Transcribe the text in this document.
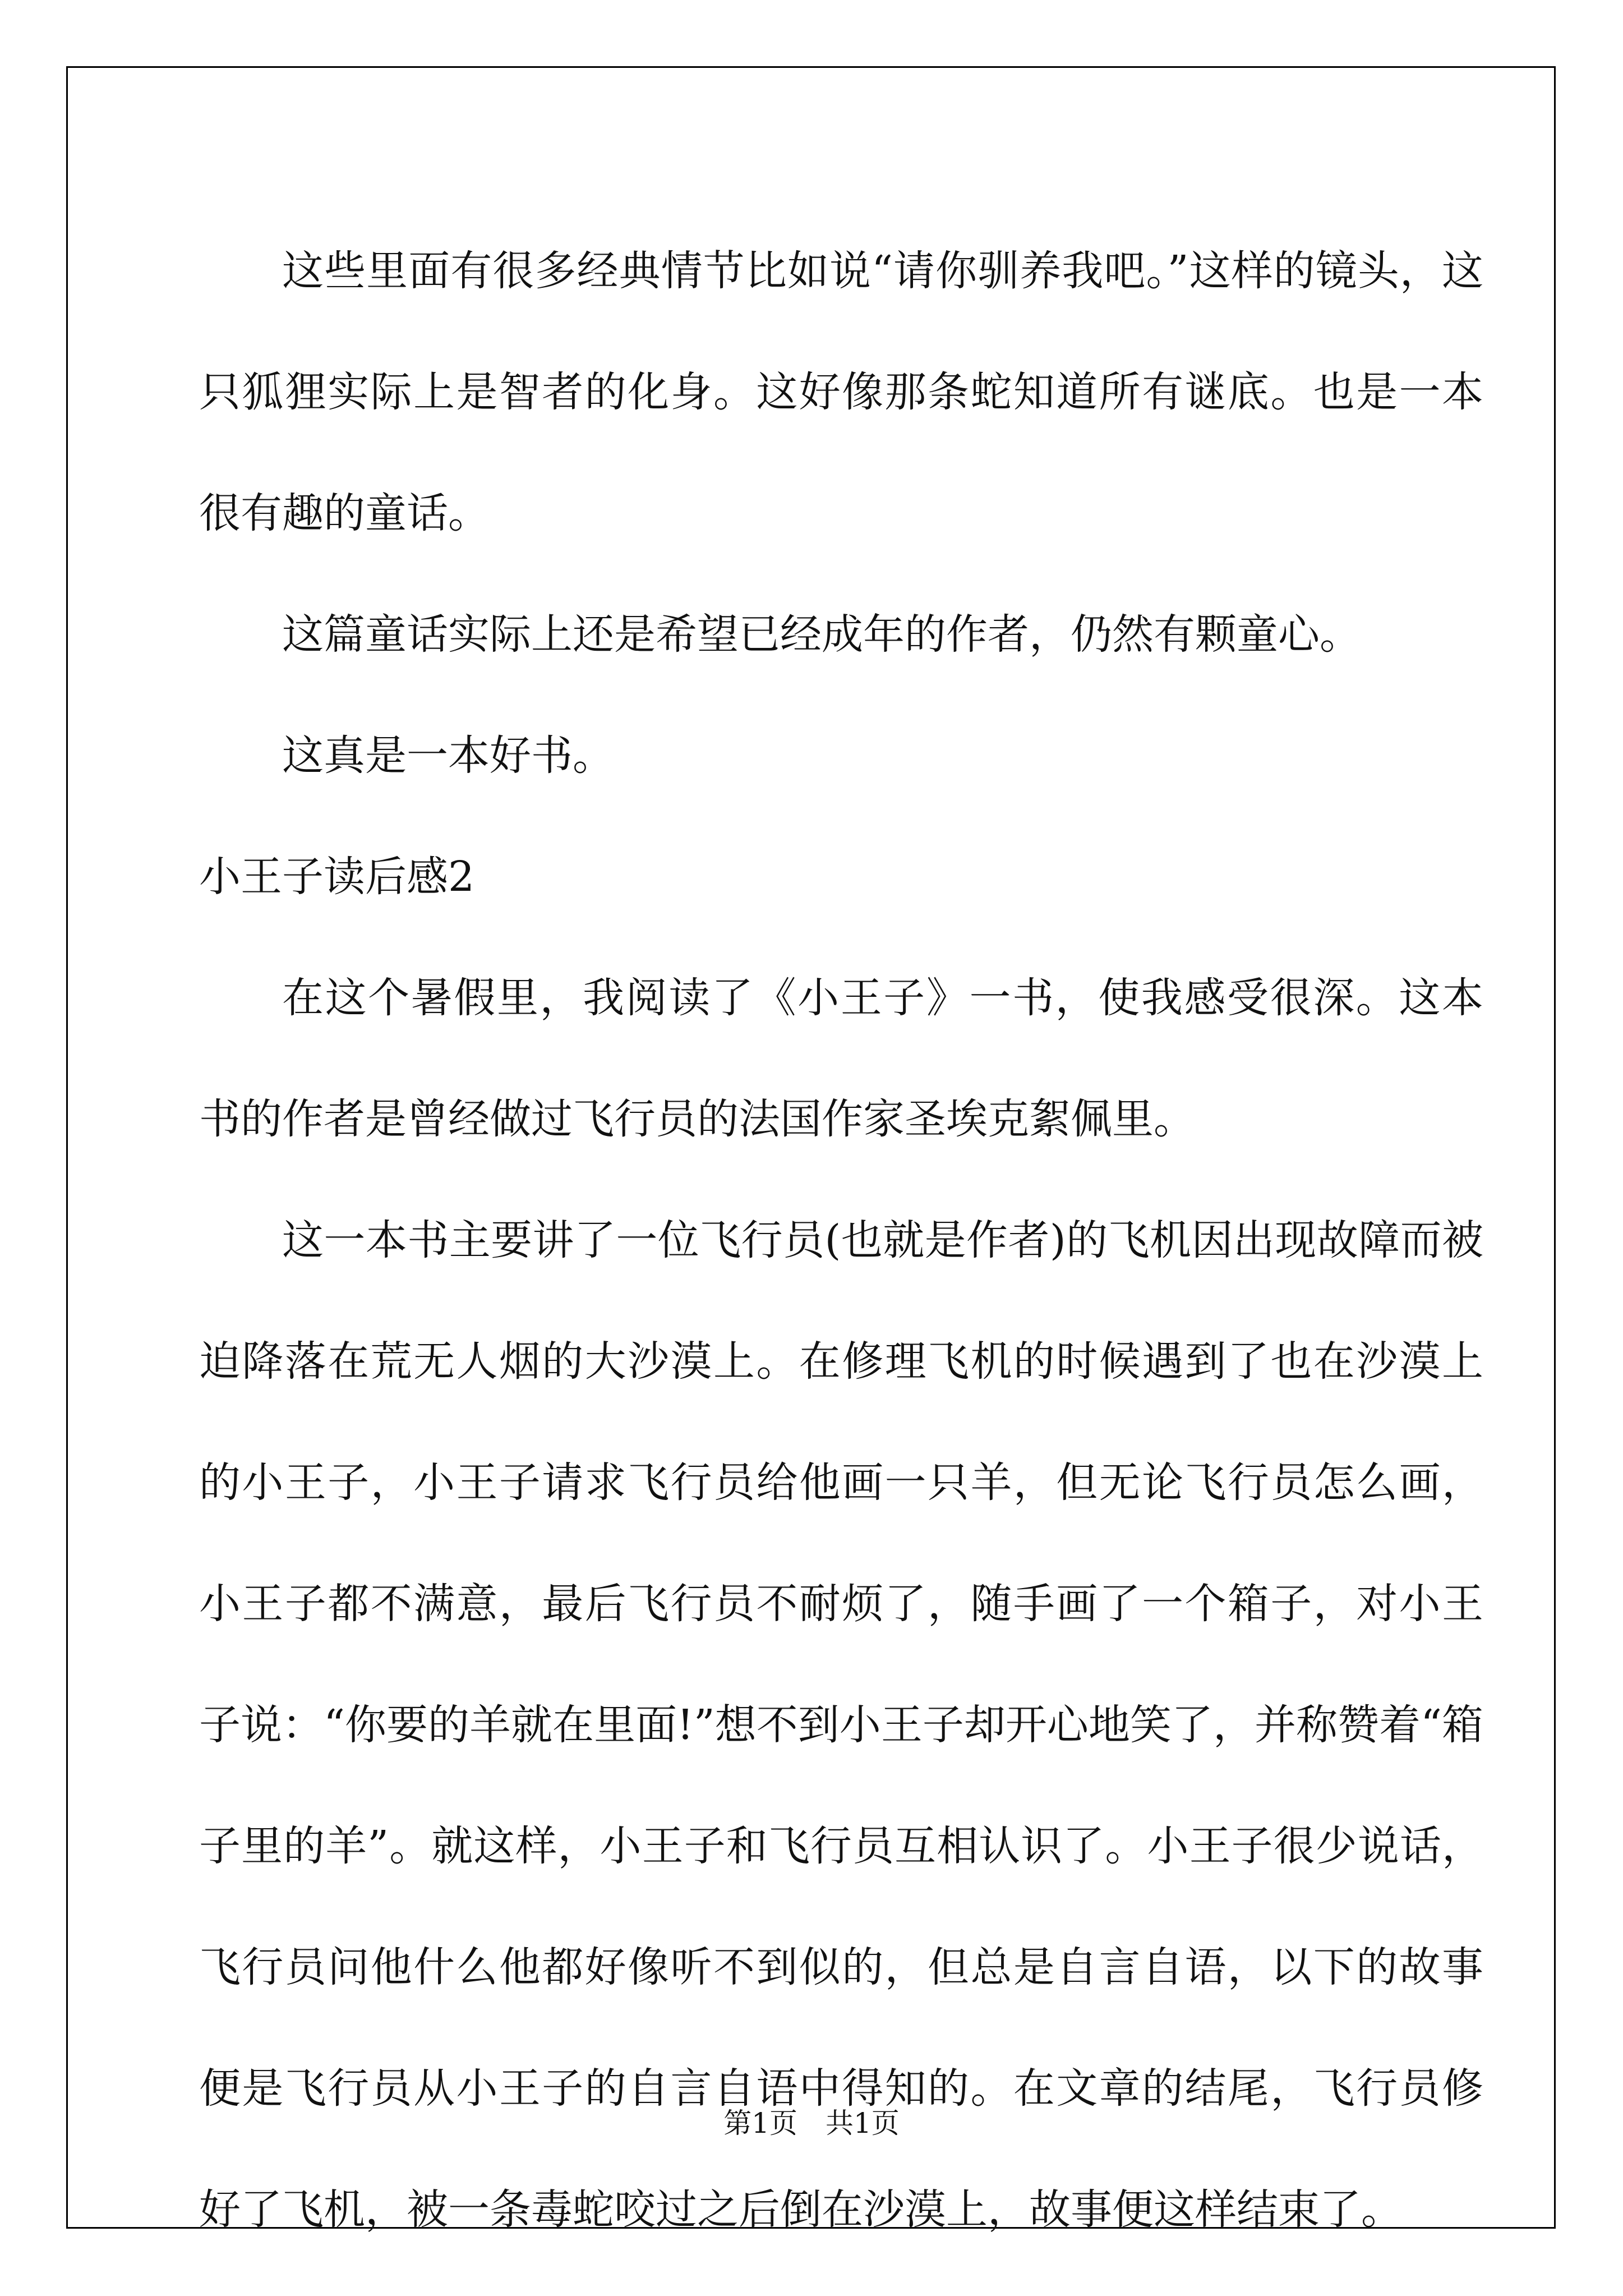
这些里面有很多经典情节比如说“请你驯养我吧。”这样的镜头，这只狐狸实际上是智者的化身。这好像那条蛇知道所有谜底。也是一本很有趣的童话。

这篇童话实际上还是希望已经成年的作者，仍然有颗童心。

这真是一本好书。

小王子读后感2

在这个暑假里，我阅读了《小王子》一书，使我感受很深。这本书的作者是曾经做过飞行员的法国作家圣埃克絮佩里。

这一本书主要讲了一位飞行员(也就是作者)的飞机因出现故障而被迫降落在荒无人烟的大沙漠上。在修理飞机的时候遇到了也在沙漠上的小王子，小王子请求飞行员给他画一只羊，但无论飞行员怎么画，小王子都不满意，最后飞行员不耐烦了，随手画了一个箱子，对小王子说：“你要的羊就在里面!”想不到小王子却开心地笑了，并称赞着“箱子里的羊”。就这样，小王子和飞行员互相认识了。小王子很少说话，飞行员问他什么他都好像听不到似的，但总是自言自语，以下的故事便是飞行员从小王子的自言自语中得知的。在文章的结尾，飞行员修好了飞机，被一条毒蛇咬过之后倒在沙漠上，故事便这样结束了。

第1页　共1页
